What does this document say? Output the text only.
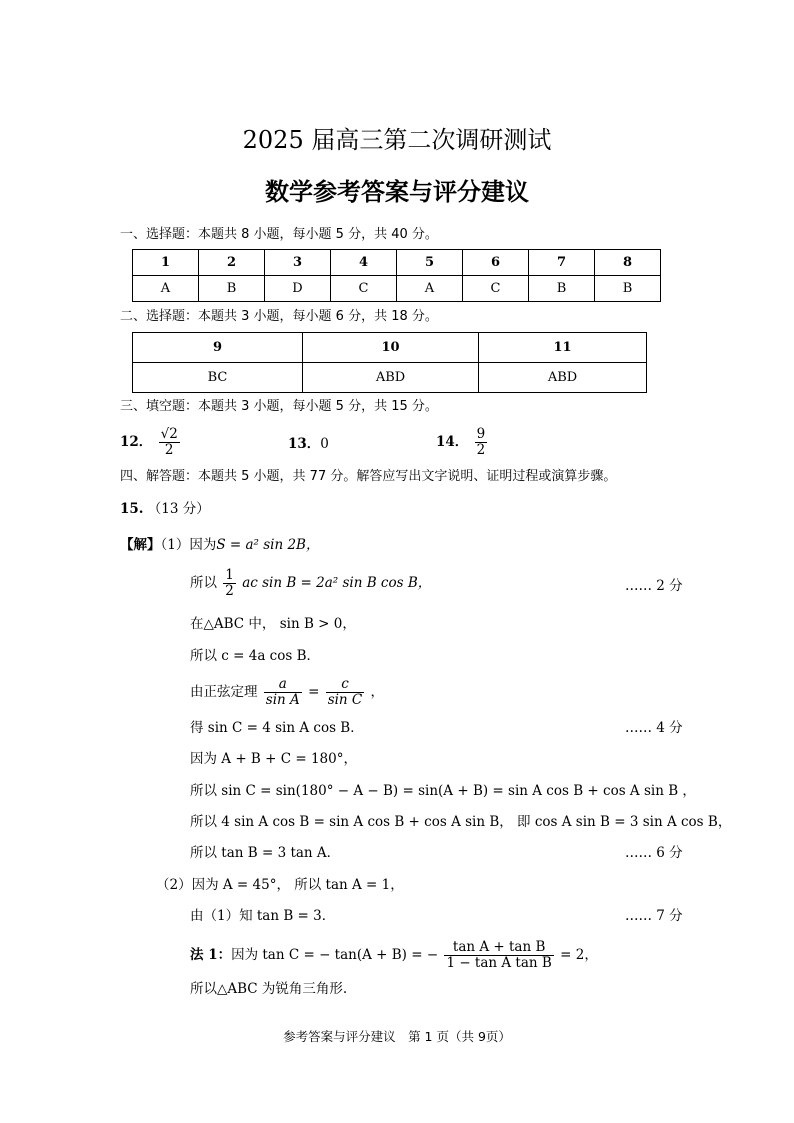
2025 届高三第二次调研测试
数学参考答案与评分建议
一、选择题：本题共 8 小题，每小题 5 分，共 40 分。
1	2	3	4	5	6	7	8
A	B	D	C	A	C	B	B
二、选择题：本题共 3 小题，每小题 6 分，共 18 分。
9	10	11
BC	ABD	ABD
三、填空题：本题共 3 小题，每小题 5 分，共 15 分。
12． $\frac{√2}{2}$	13．0	14． $\frac{9}{2}$
四、解答题：本题共 5 小题，共 77 分。解答应写出文字说明、证明过程或演算步骤。
15. （13 分）
【解】（1）因为S = a² sin 2B，
所以 $\frac{1}{2}$ ac sin B = 2a² sin B cos B，	…… 2 分
在△ABC 中， sin B > 0，
所以 c = 4a cos B．
由正弦定理 $\frac{a}{\text{sin A}} = \frac{c}{\text{sin C}}$ ，
得 sin C = 4 sin A cos B．	…… 4 分
因为 A + B + C = 180°，
所以 sin C = sin(180° − A − B) = sin(A + B) = sin A cos B + cos A sin B ，
所以 4 sin A cos B = sin A cos B + cos A sin B， 即 cos A sin B = 3 sin A cos B，
所以 tan B = 3 tan A．	…… 6 分
（2）因为 A = 45°， 所以 tan A = 1，
由（1）知 tan B = 3．	…… 7 分
法 1：因为 tan C = − tan(A + B) = − $\frac{\text{tan A + tan B}}{\text{1 − tan A tan B}} = 2$，
所以△ABC 为锐角三角形.
参考答案与评分建议　第 1 页（共 9页）
